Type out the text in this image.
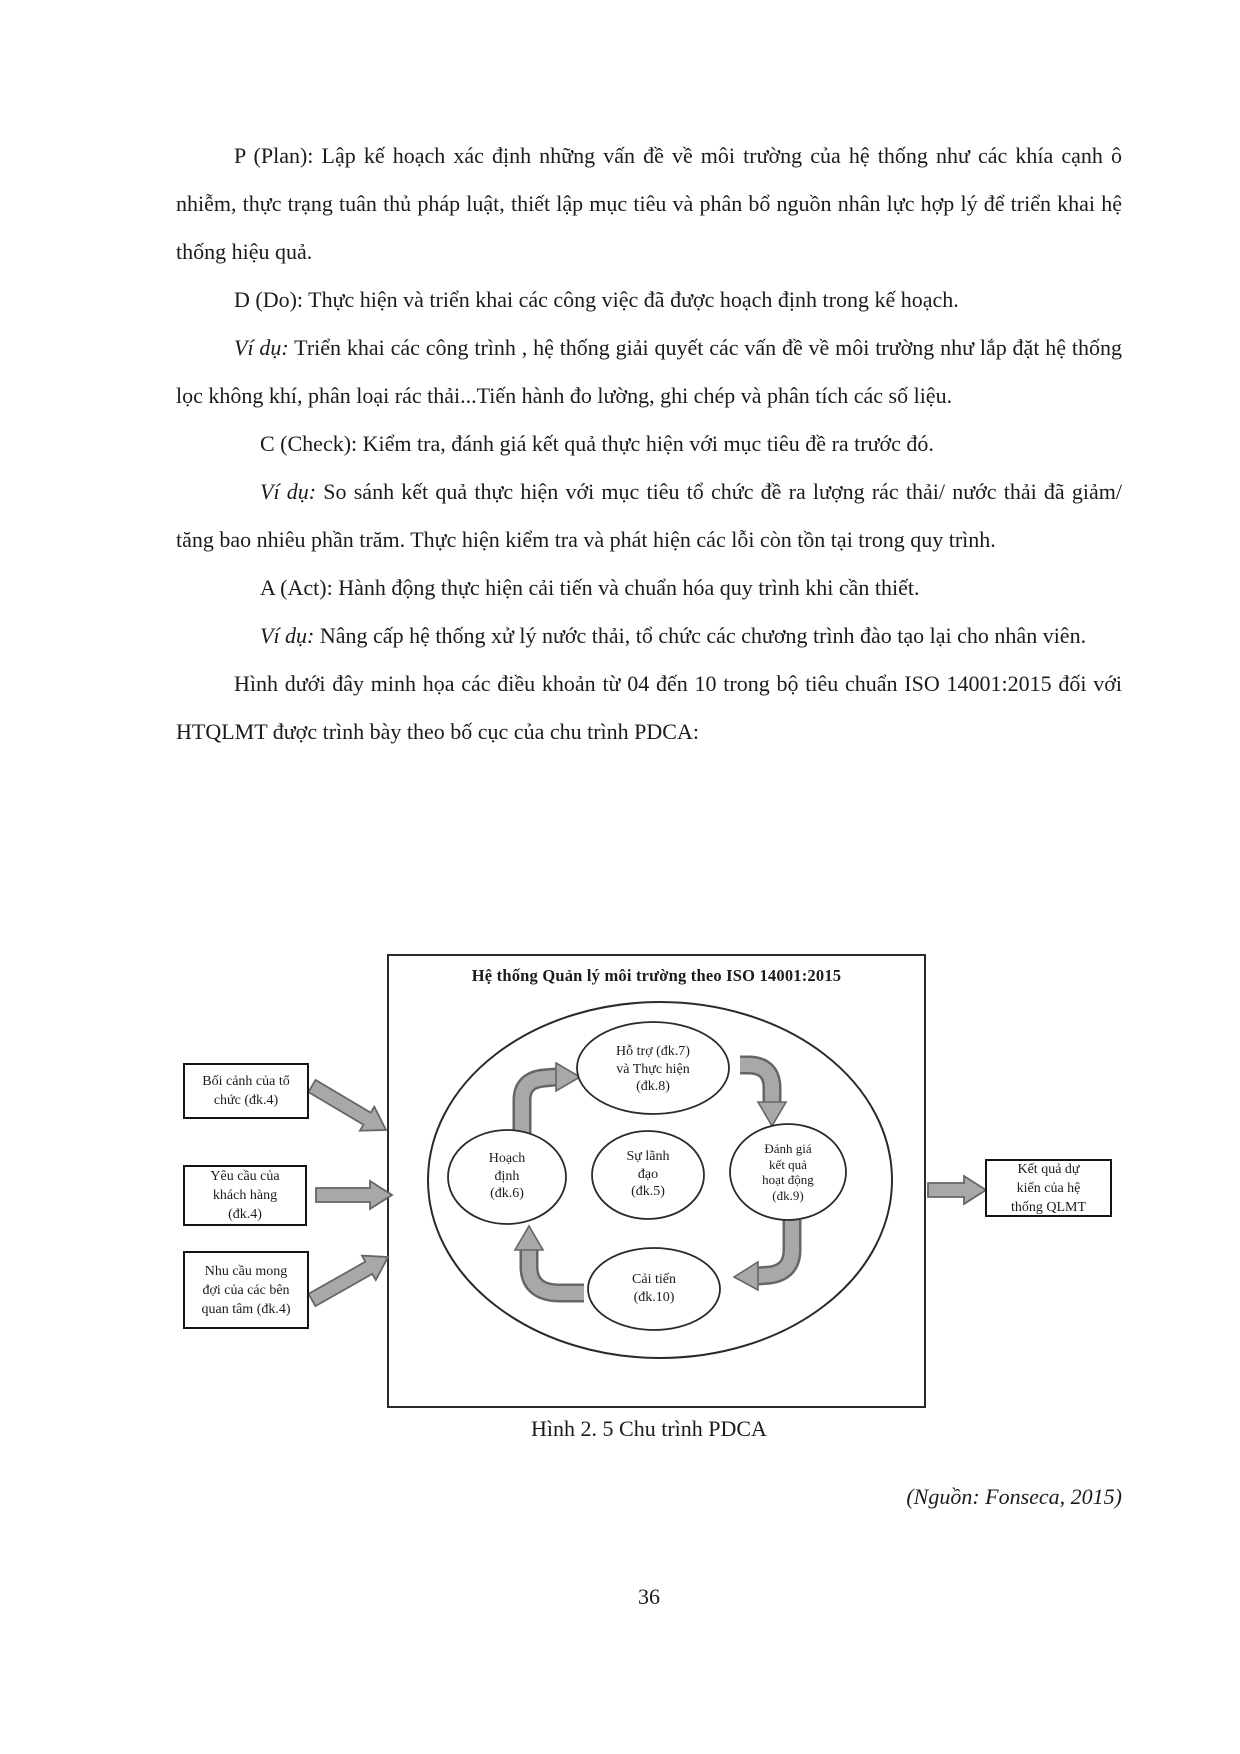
P (Plan): Lập kế hoạch xác định những vấn đề về môi trường của hệ thống như các khía cạnh ô nhiễm, thực trạng tuân thủ pháp luật, thiết lập mục tiêu và phân bổ nguồn nhân lực hợp lý để triển khai hệ thống hiệu quả.

D (Do): Thực hiện và triển khai các công việc đã được hoạch định trong kế hoạch.

Ví dụ: Triển khai các công trình , hệ thống giải quyết các vấn đề về môi trường như lắp đặt hệ thống lọc không khí, phân loại rác thải...Tiến hành đo lường, ghi chép và phân tích các số liệu.

C (Check): Kiểm tra, đánh giá kết quả thực hiện với mục tiêu đề ra trước đó.

Ví dụ: So sánh kết quả thực hiện với mục tiêu tổ chức đề ra lượng rác thải/ nước thải đã giảm/ tăng bao nhiêu phần trăm. Thực hiện kiểm tra và phát hiện các lỗi còn tồn tại trong quy trình.

A (Act): Hành động thực hiện cải tiến và chuẩn hóa quy trình khi cần thiết.

Ví dụ: Nâng cấp hệ thống xử lý nước thải, tổ chức các chương trình đào tạo lại cho nhân viên.

Hình dưới đây minh họa các điều khoản từ 04 đến 10 trong bộ tiêu chuẩn ISO 14001:2015 đối với HTQLMT được trình bày theo bố cục của chu trình PDCA:

Hệ thống Quản lý môi trường theo ISO 14001:2015
Bối cảnh của tổ
chức (đk.4)
Yêu cầu của
khách hàng
(đk.4)
Nhu cầu mong
đợi của các bên
quan tâm (đk.4)
Kết quả dự
kiến của hệ
thống QLMT
Hỗ trợ (đk.7)
và Thực hiện
(đk.8)
Hoạch
định
(đk.6)
Sự lãnh
đạo
(đk.5)
Đánh giá
kết quả
hoạt động
(đk.9)
Cải tiến
(đk.10)
Hình 2. 5 Chu trình PDCA
(Nguồn: Fonseca, 2015)
36
